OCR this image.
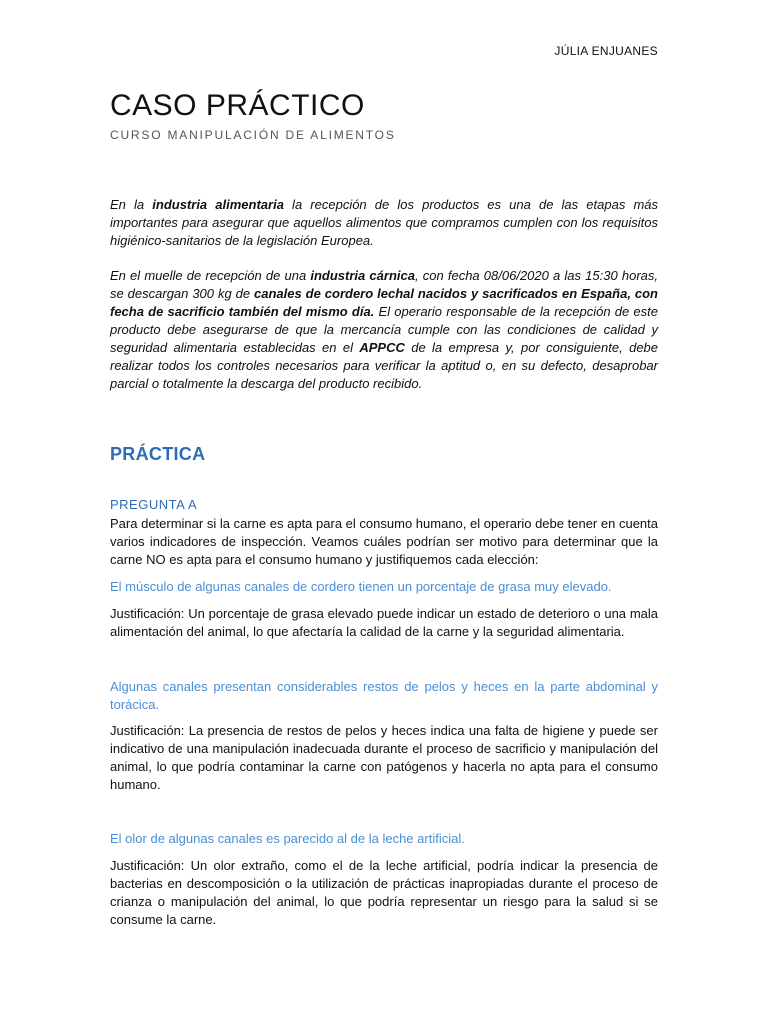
JÚLIA ENJUANES
CASO PRÁCTICO
CURSO MANIPULACIÓN DE ALIMENTOS

En la industria alimentaria la recepción de los productos es una de las etapas más importantes para asegurar que aquellos alimentos que compramos cumplen con los requisitos higiénico-sanitarios de la legislación Europea.

En el muelle de recepción de una industria cárnica, con fecha 08/06/2020 a las 15:30 horas, se descargan 300 kg de canales de cordero lechal nacidos y sacrificados en España, con fecha de sacrificio también del mismo día. El operario responsable de la recepción de este producto debe asegurarse de que la mercancía cumple con las condiciones de calidad y seguridad alimentaria establecidas en el APPCC de la empresa y, por consiguiente, debe realizar todos los controles necesarios para verificar la aptitud o, en su defecto, desaprobar parcial o totalmente la descarga del producto recibido.

PRÁCTICA
PREGUNTA A

Para determinar si la carne es apta para el consumo humano, el operario debe tener en cuenta varios indicadores de inspección. Veamos cuáles podrían ser motivo para determinar que la carne NO es apta para el consumo humano y justifiquemos cada elección:

El músculo de algunas canales de cordero tienen un porcentaje de grasa muy elevado.

Justificación: Un porcentaje de grasa elevado puede indicar un estado de deterioro o una mala alimentación del animal, lo que afectaría la calidad de la carne y la seguridad alimentaria.

Algunas canales presentan considerables restos de pelos y heces en la parte abdominal y torácica.

Justificación: La presencia de restos de pelos y heces indica una falta de higiene y puede ser indicativo de una manipulación inadecuada durante el proceso de sacrificio y manipulación del animal, lo que podría contaminar la carne con patógenos y hacerla no apta para el consumo humano.

El olor de algunas canales es parecido al de la leche artificial.

Justificación: Un olor extraño, como el de la leche artificial, podría indicar la presencia de bacterias en descomposición o la utilización de prácticas inapropiadas durante el proceso de crianza o manipulación del animal, lo que podría representar un riesgo para la salud si se consume la carne.
